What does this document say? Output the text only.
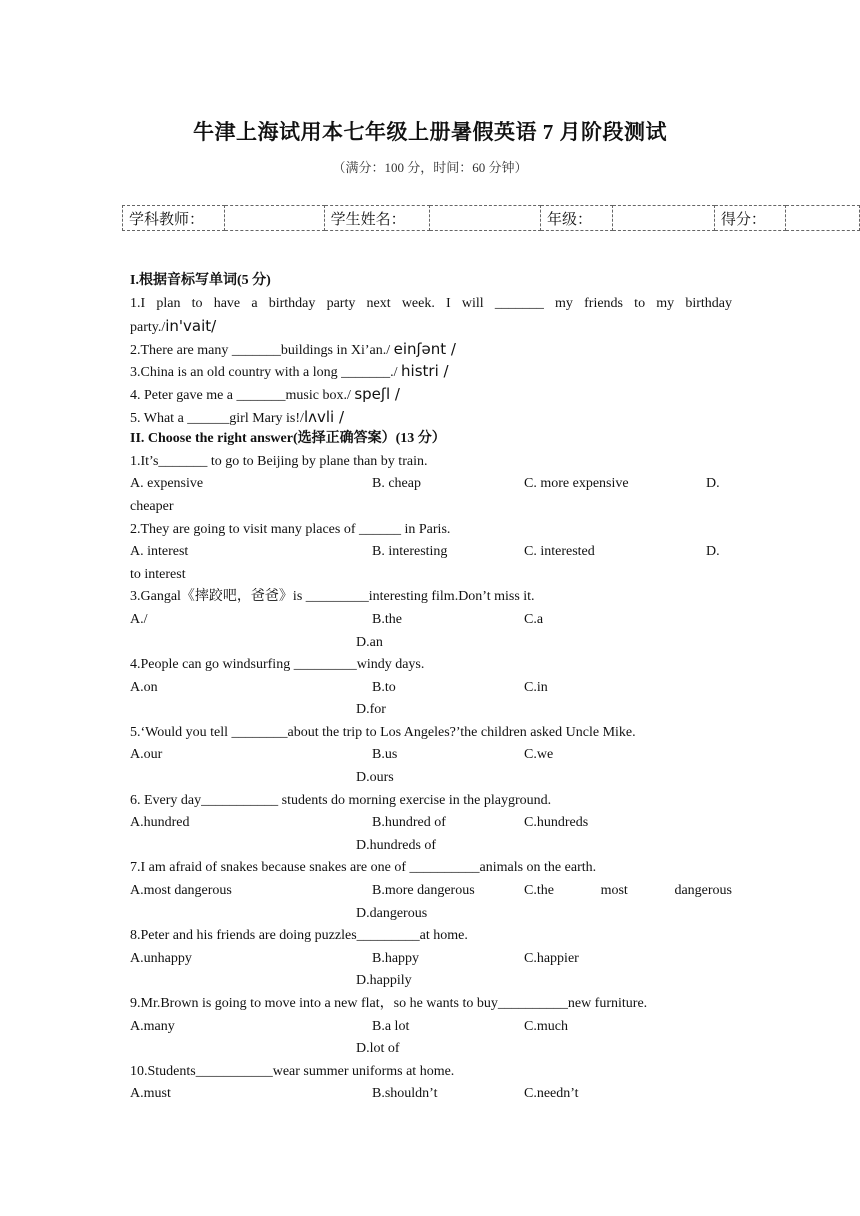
牛津上海试用本七年级上册暑假英语 7 月阶段测试
（满分：100 分，时间：60 分钟）
学科教师：		学生姓名：		年级：		得分：	
I.根据音标写单词(5 分)
1.I plan to have a birthday party next week. I will _______ my friends to my birthday
party./in'vait/
2.There are many _______buildings in Xi’an./ einʃənt /
3.China is an old country with a long _______./ histri /
4. Peter gave me a _______music box./ speʃl /
5. What a ______girl Mary is!/lʌvli /
II. Choose the right answer(选择正确答案）(13 分）
1.It’s_______ to go to Beijing by plane than by train.
A. expensive	B. cheap	C. more expensive	D.
cheaper
2.They are going to visit many places of ______ in Paris.
A. interest	B. interesting	C. interested	D.
to interest
3.Gangal《摔跤吧，爸爸》is _________interesting film.Don’t miss it.
A./	B.the	C.a
D.an
4.People can go windsurfing _________windy days.
A.on	B.to	C.in
D.for
5.‘Would you tell ________about the trip to Los Angeles?’the children asked Uncle Mike.
A.our	B.us	C.we
D.ours
6. Every day___________ students do morning exercise in the playground.
A.hundred	B.hundred of	C.hundreds
D.hundreds of
7.I am afraid of snakes because snakes are one of __________animals on the earth.
A.most dangerous	B.more dangerous	C.the	most	dangerous
D.dangerous
8.Peter and his friends are doing puzzles_________at home.
A.unhappy	B.happy	C.happier
D.happily
9.Mr.Brown is going to move into a new flat，so he wants to buy__________new furniture.
A.many	B.a lot	C.much
D.lot of
10.Students___________wear summer uniforms at home.
A.must	B.shouldn’t	C.needn’t
